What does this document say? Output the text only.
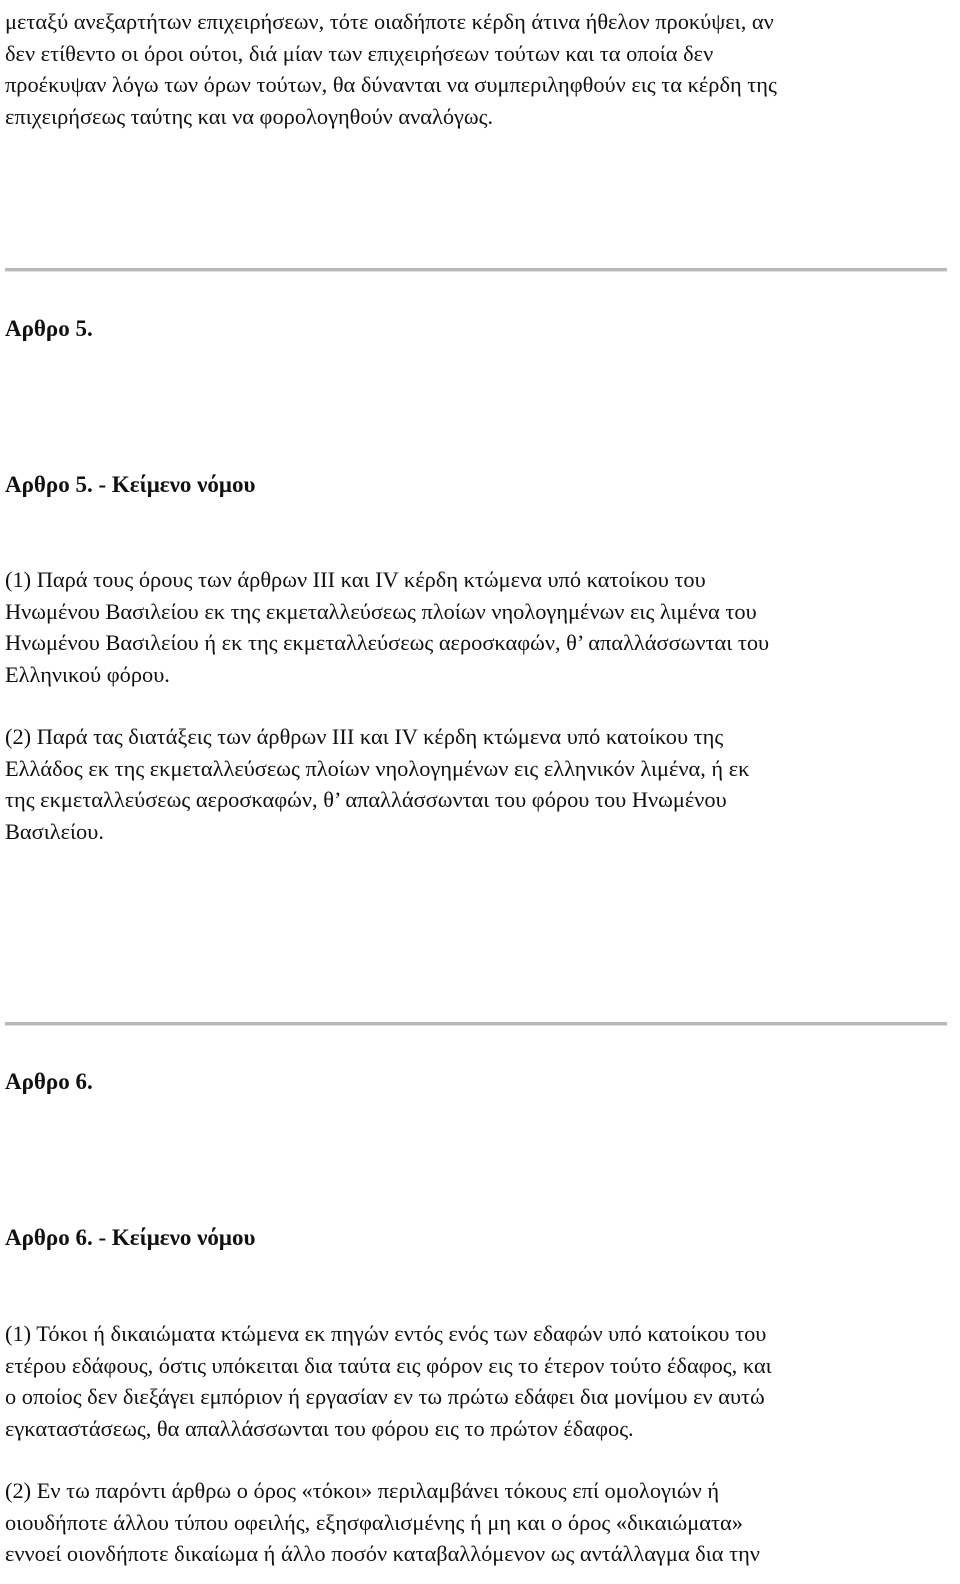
μεταξύ ανεξαρτήτων επιχειρήσεων, τότε οιαδήποτε κέρδη άτινα ήθελον προκύψει, αν
δεν ετίθεντο οι όροι ούτοι, διά μίαν των επιχειρήσεων τούτων και τα οποία δεν
προέκυψαν λόγω των όρων τούτων, θα δύνανται να συμπεριληφθούν εις τα κέρδη της
επιχειρήσεως ταύτης και να φορολογηθούν αναλόγως.

Αρθρο 5.
Αρθρο 5. - Κείμενο νόμου

(1) Παρά τους όρους των άρθρων ΙΙΙ και ΙV κέρδη κτώμενα υπό κατοίκου του
Ηνωμένου Βασιλείου εκ της εκμεταλλεύσεως πλοίων νηολογημένων εις λιμένα του
Ηνωμένου Βασιλείου ή εκ της εκμεταλλεύσεως αεροσκαφών, θ’ απαλλάσσωνται του
Ελληνικού φόρου.

(2) Παρά τας διατάξεις των άρθρων ΙΙΙ και ΙV κέρδη κτώμενα υπό κατοίκου της
Ελλάδος εκ της εκμεταλλεύσεως πλοίων νηολογημένων εις ελληνικόν λιμένα, ή εκ
της εκμεταλλεύσεως αεροσκαφών, θ’ απαλλάσσωνται του φόρου του Ηνωμένου
Βασιλείου.

Αρθρο 6.
Αρθρο 6. - Κείμενο νόμου

(1) Τόκοι ή δικαιώματα κτώμενα εκ πηγών εντός ενός των εδαφών υπό κατοίκου του
ετέρου εδάφους, όστις υπόκειται δια ταύτα εις φόρον εις το έτερον τούτο έδαφος, και
ο οποίος δεν διεξάγει εμπόριον ή εργασίαν εν τω πρώτω εδάφει δια μονίμου εν αυτώ
εγκαταστάσεως, θα απαλλάσσωνται του φόρου εις το πρώτον έδαφος.

(2) Εν τω παρόντι άρθρω ο όρος «τόκοι» περιλαμβάνει τόκους επί ομολογιών ή
οιουδήποτε άλλου τύπου οφειλής, εξησφαλισμένης ή μη και ο όρος «δικαιώματα»
εννοεί οιονδήποτε δικαίωμα ή άλλο ποσόν καταβαλλόμενον ως αντάλλαγμα δια την
